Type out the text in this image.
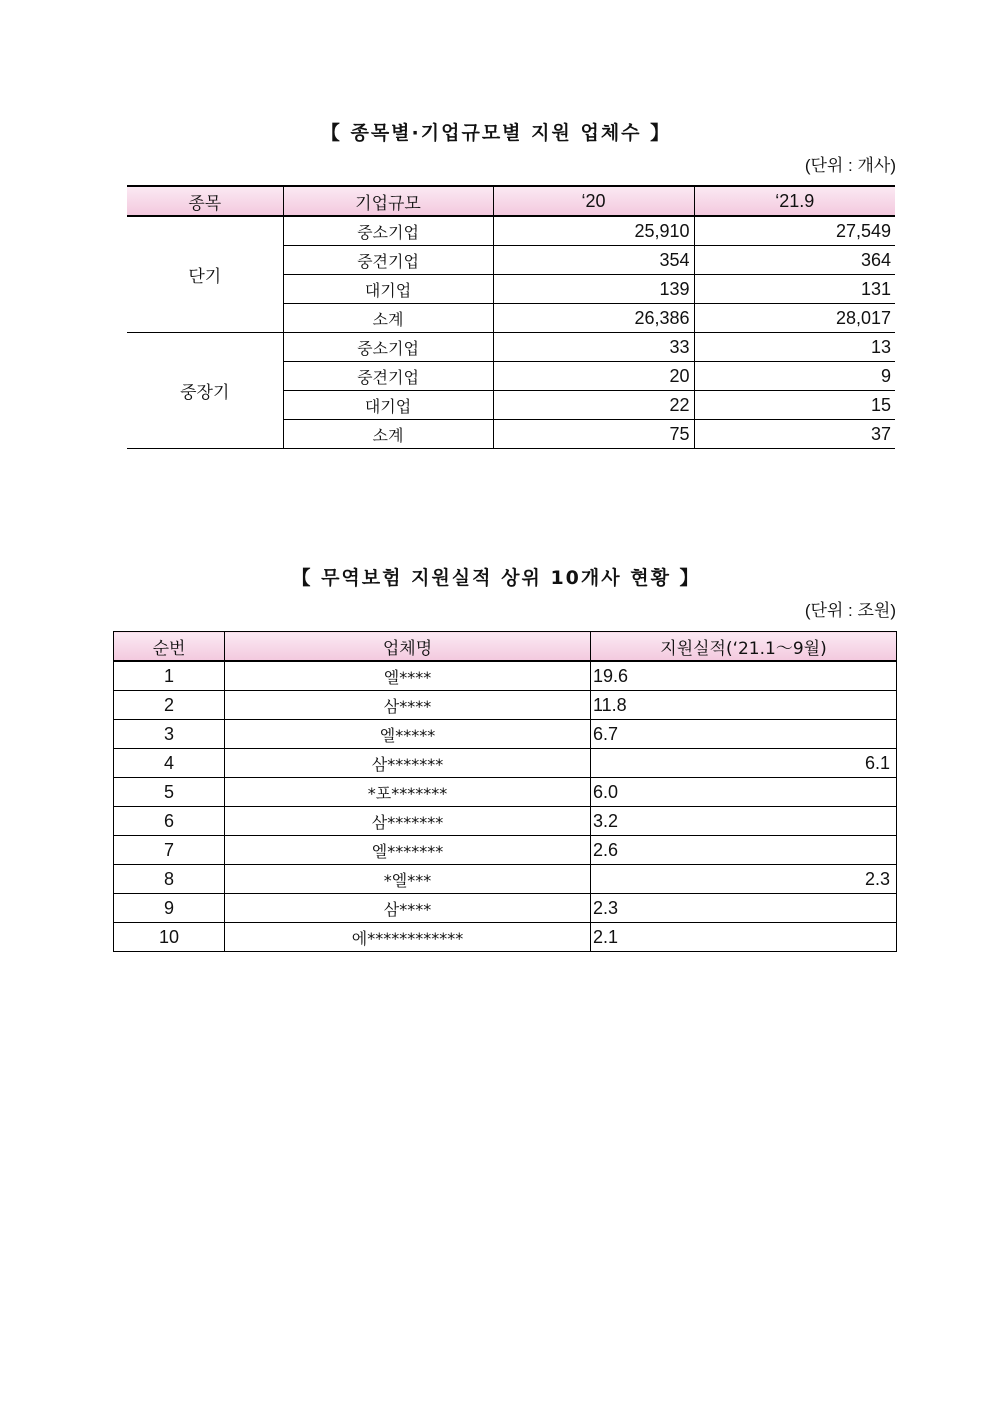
【 종목별·기업규모별 지원 업체수 】
(단위 : 개사)
종목	기업규모	‘20	‘21.9
단기	중소기업	25,910	27,549
	중견기업	354	364
	대기업	139	131
	소계	26,386	28,017
중장기	중소기업	33	13
	중견기업	20	9
	대기업	22	15
	소계	75	37
【 무역보험 지원실적 상위 10개사 현황 】
(단위 : 조원)
순번	업체명	지원실적(‘21.1～9월)
1	엘****	19.6
2	삼****	11.8
3	엘*****	6.7
4	삼*******	6.1
5	*포*******	6.0
6	삼*******	3.2
7	엘*******	2.6
8	*엘***	2.3
9	삼****	2.3
10	에************	2.1
